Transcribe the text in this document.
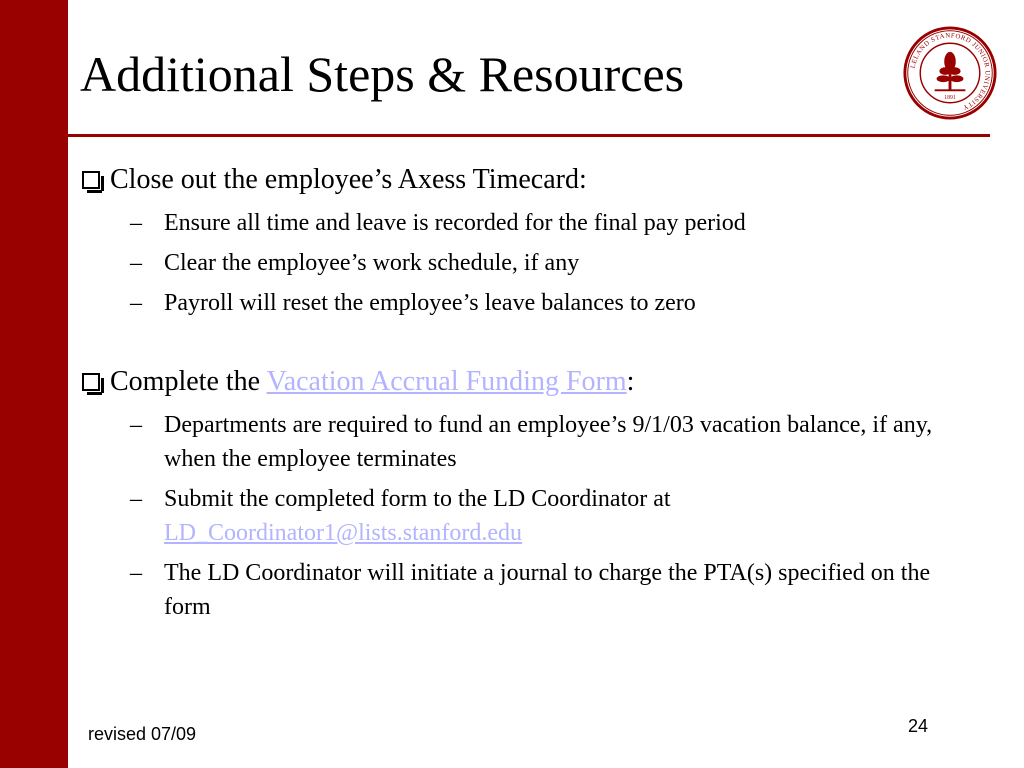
Additional Steps & Resources	LELAND STANFORD JUNIOR UNIVERSITY
1891
Close out the employee’s Axess Timecard:
– Ensure all time and leave is recorded for the final pay period
– Clear the employee’s work schedule, if any
– Payroll will reset the employee’s leave balances to zero
Complete the Vacation Accrual Funding Form:
– Departments are required to fund an employee’s 9/1/03 vacation balance, if any, when the employee terminates
– Submit the completed form to the LD Coordinator at
LD_Coordinator1@lists.stanford.edu
– The LD Coordinator will initiate a journal to charge the PTA(s) specified on the form
revised 07/09	24
